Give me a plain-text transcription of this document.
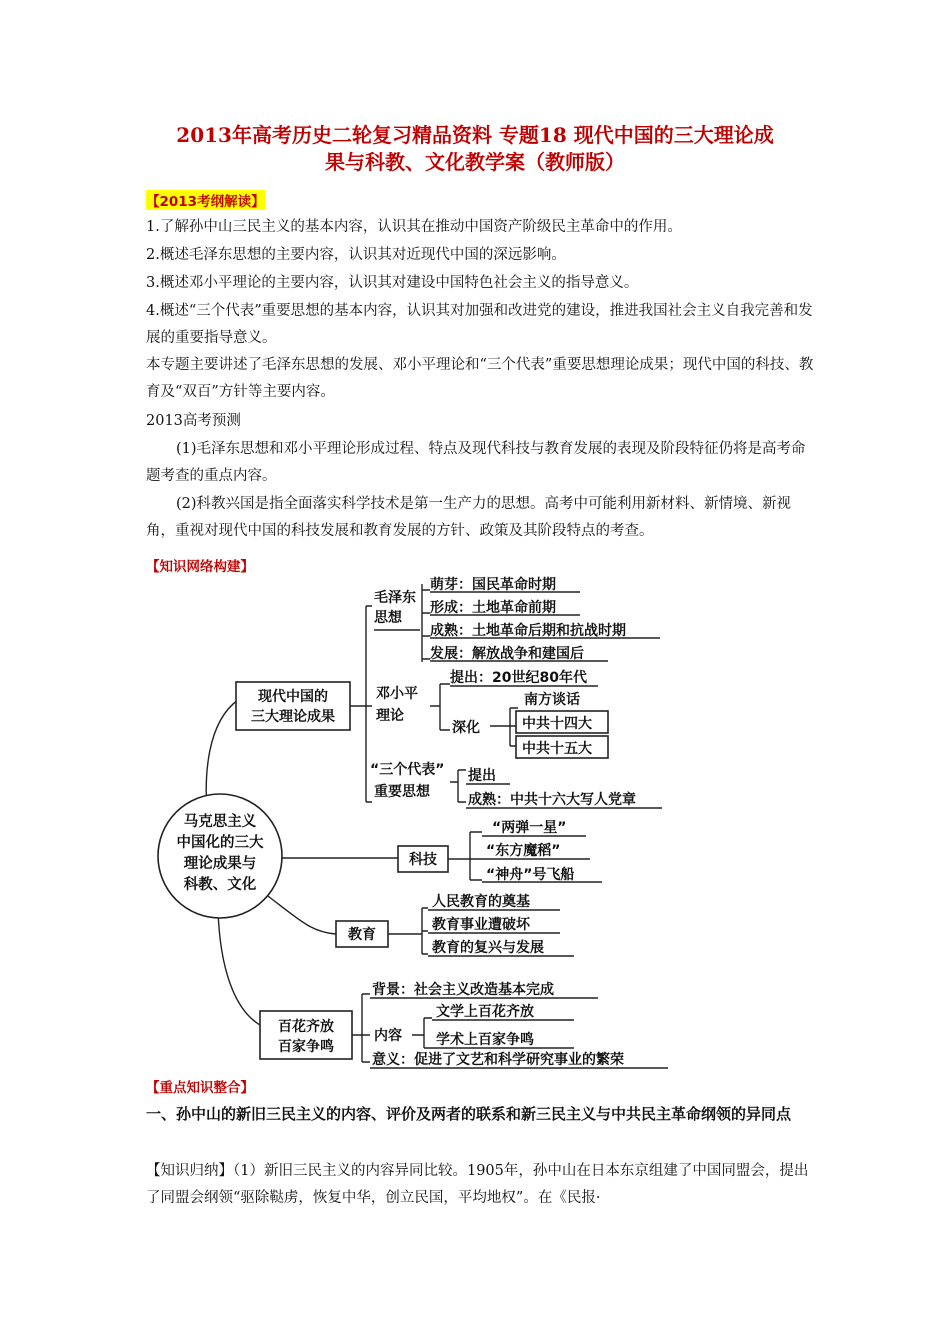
2013年高考历史二轮复习精品资料 专题18 现代中国的三大理论成
果与科教、文化教学案（教师版）
【2013考纲解读】
1.了解孙中山三民主义的基本内容，认识其在推动中国资产阶级民主革命中的作用。
2.概述毛泽东思想的主要内容，认识其对近现代中国的深远影响。
3.概述邓小平理论的主要内容，认识其对建设中国特色社会主义的指导意义。
4.概述“三个代表”重要思想的基本内容，认识其对加强和改进党的建设，推进我国社会主义自我完善和发展的重要指导意义。
本专题主要讲述了毛泽东思想的发展、邓小平理论和“三个代表”重要思想理论成果；现代中国的科技、教育及“双百”方针等主要内容。
2013高考预测
(1)毛泽东思想和邓小平理论形成过程、特点及现代科技与教育发展的表现及阶段特征仍将是高考命题考查的重点内容。
(2)科教兴国是指全面落实科学技术是第一生产力的思想。高考中可能利用新材料、新情境、新视角，重视对现代中国的科技发展和教育发展的方针、政策及其阶段特点的考查。
【知识网络构建】
马克思主义
中国化的三大
理论成果与
科教、文化
现代中国的
三大理论成果
毛泽东
思想
萌芽：国民革命时期
形成：土地革命前期
成熟：土地革命后期和抗战时期
发展：解放战争和建国后
邓小平
理论
提出：20世纪80年代
深化
南方谈话
中共十四大
中共十五大
“三个代表”
重要思想
提出
成熟：中共十六大写人党章
科技
“两弹一星”
“东方魔稻”
“神舟”号飞船
教育
人民教育的奠基
教育事业遭破坏
教育的复兴与发展
百花齐放
百家争鸣
背景：社会主义改造基本完成
内容
文学上百花齐放
学术上百家争鸣
意义：促进了文艺和科学研究事业的繁荣
【重点知识整合】
一、孙中山的新旧三民主义的内容、评价及两者的联系和新三民主义与中共民主革命纲领的异同点
【知识归纳】（1）新旧三民主义的内容异同比较。1905年，孙中山在日本东京组建了中国同盟会，提出了同盟会纲领“驱除鞑虏，恢复中华，创立民国，平均地权”。在《民报·
